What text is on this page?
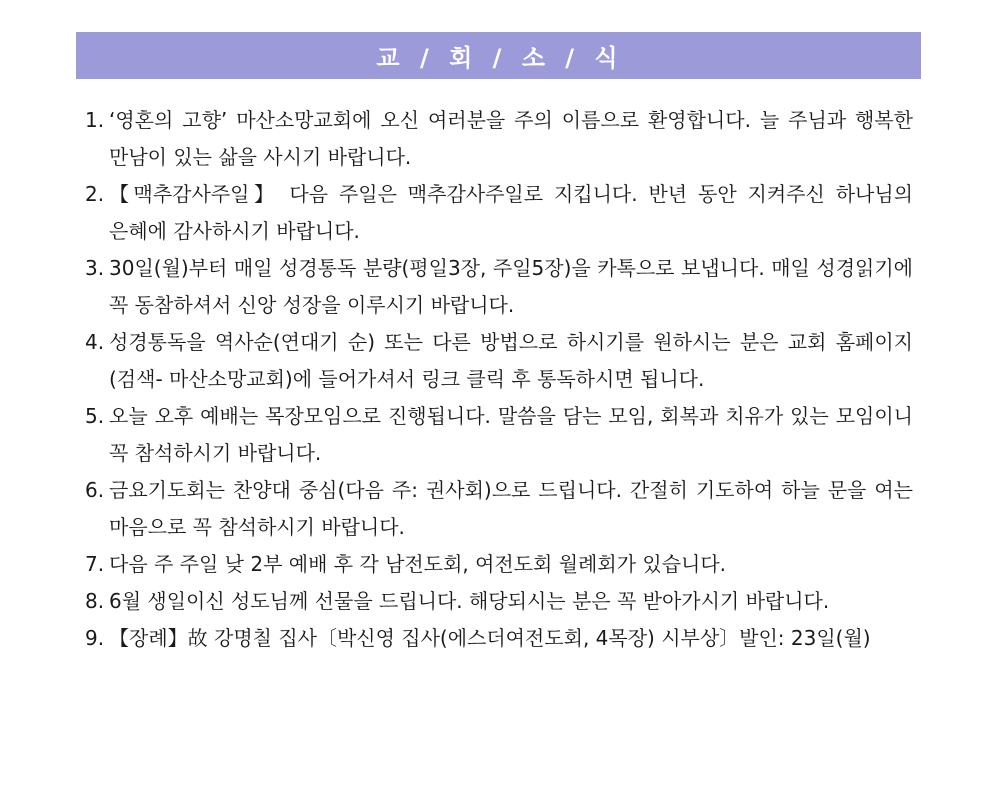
교 / 회 / 소 / 식
1. ‘영혼의 고향’ 마산소망교회에 오신 여러분을 주의 이름으로 환영합니다. 늘 주님과 행복한 만남이 있는 삶을 사시기 바랍니다.
2. 【맥추감사주일】 다음 주일은 맥추감사주일로 지킵니다. 반년 동안 지켜주신 하나님의 은혜에 감사하시기 바랍니다.
3. 30일(월)부터 매일 성경통독 분량(평일3장, 주일5장)을 카톡으로 보냅니다. 매일 성경읽기에 꼭 동참하셔서 신앙 성장을 이루시기 바랍니다.
4. 성경통독을 역사순(연대기 순) 또는 다른 방법으로 하시기를 원하시는 분은 교회 홈페이지(검색- 마산소망교회)에 들어가셔서 링크 클릭 후 통독하시면 됩니다.
5. 오늘 오후 예배는 목장모임으로 진행됩니다. 말씀을 담는 모임, 회복과 치유가 있는 모임이니 꼭 참석하시기 바랍니다.
6. 금요기도회는 찬양대 중심(다음 주: 권사회)으로 드립니다. 간절히 기도하여 하늘 문을 여는 마음으로 꼭 참석하시기 바랍니다.
7. 다음 주 주일 낮 2부 예배 후 각 남전도회, 여전도회 월례회가 있습니다.
8. 6월 생일이신 성도님께 선물을 드립니다. 해당되시는 분은 꼭 받아가시기 바랍니다.
9. 【장례】故 강명칠 집사〔박신영 집사(에스더여전도회, 4목장) 시부상〕발인: 23일(월)
